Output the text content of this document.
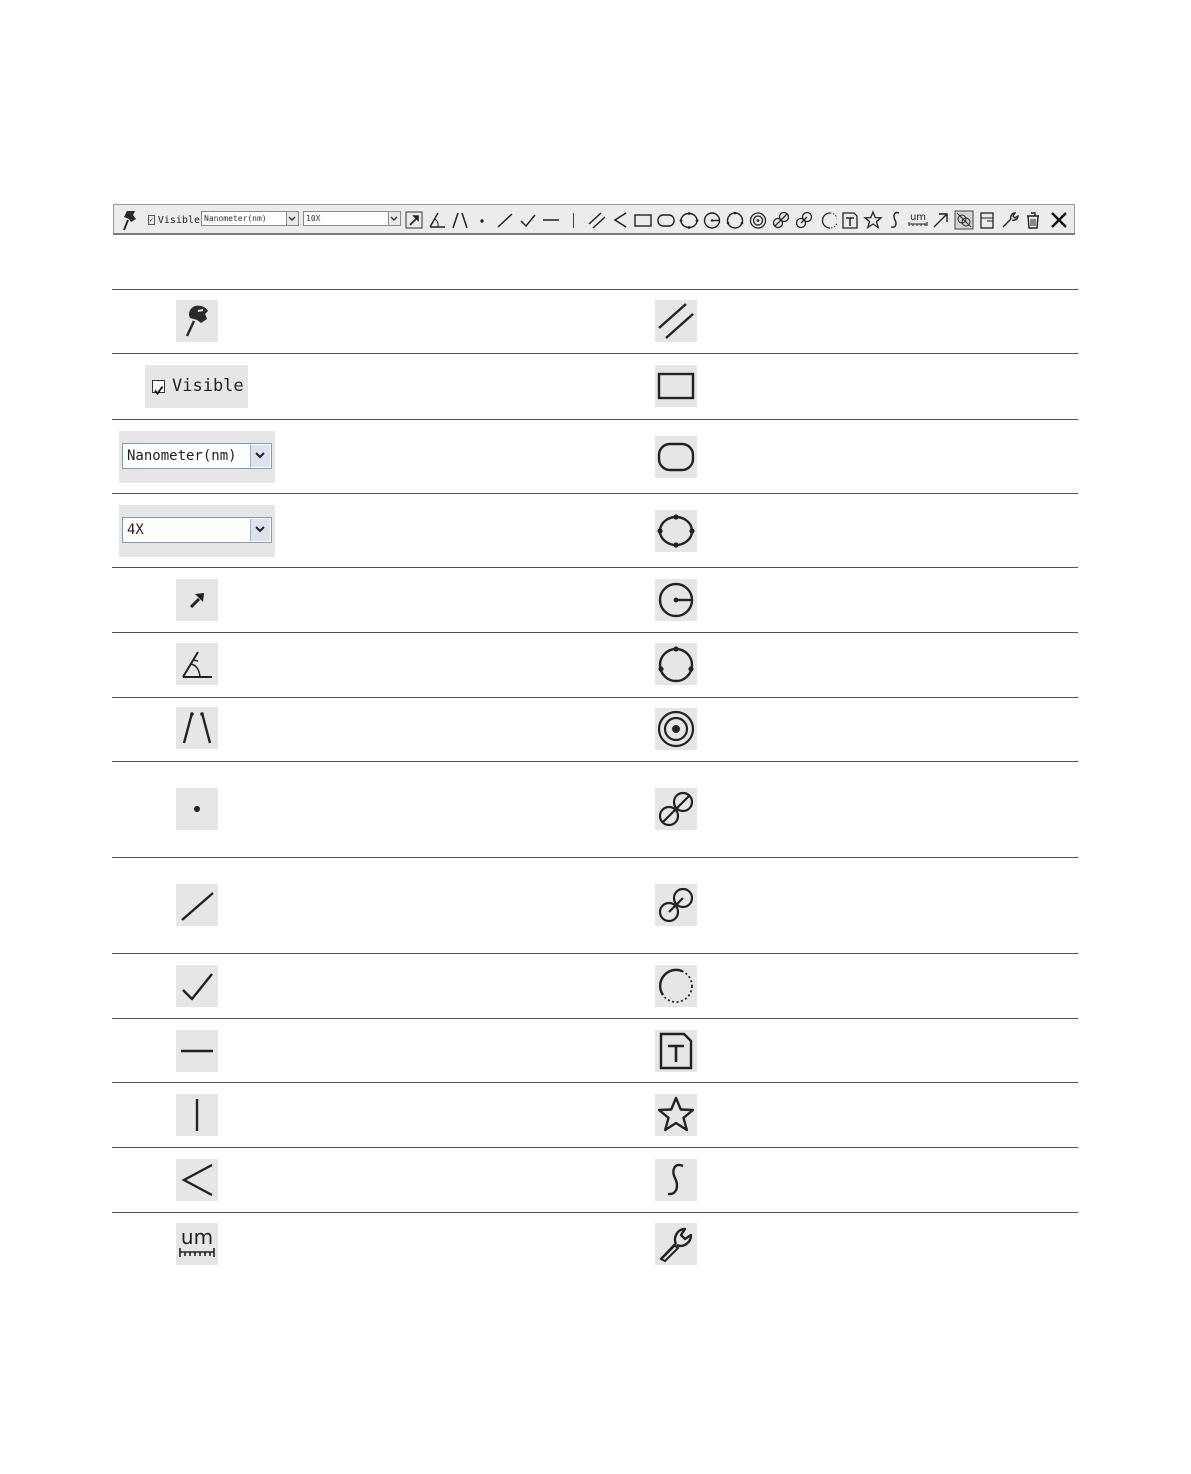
✓ Visible Nanometer(nm)	10X	um
Visible
Nanometer(nm)
4X
um
